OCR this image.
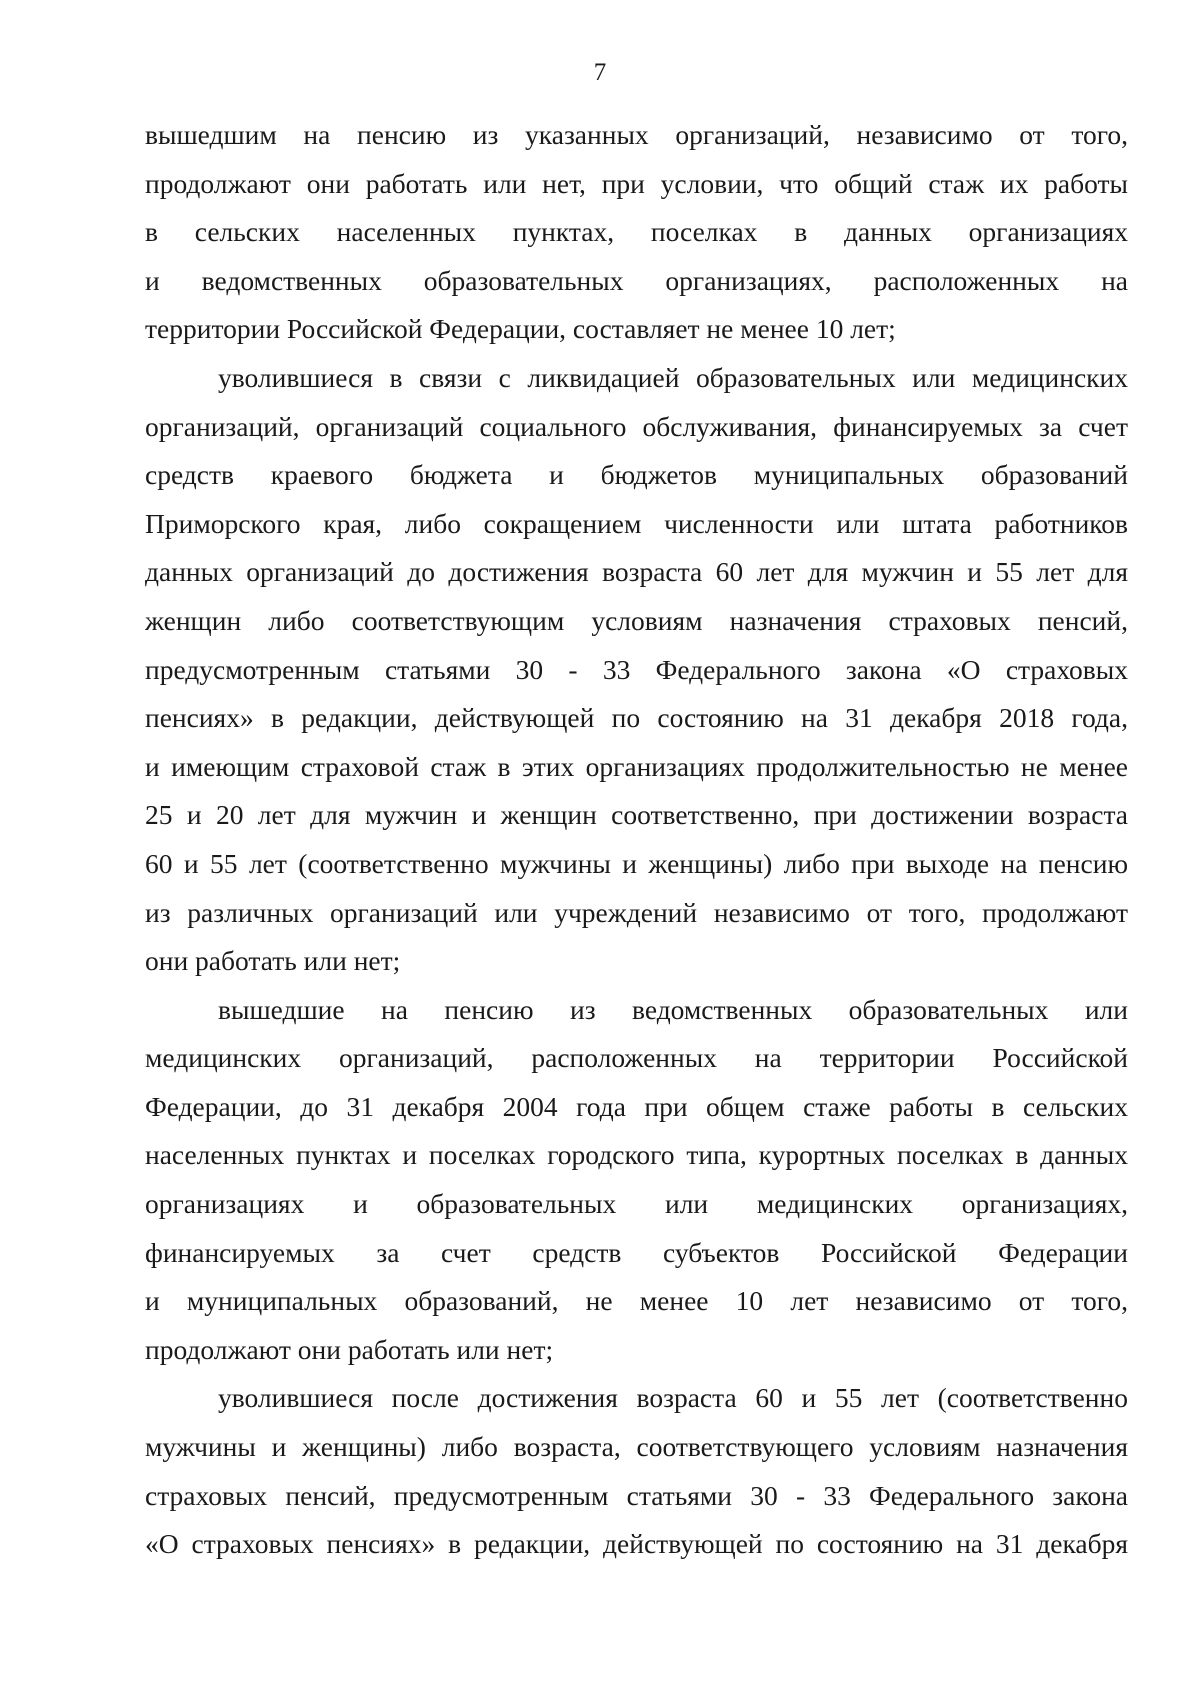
7
вышедшим на пенсию из указанных организаций, независимо от того,
продолжают они работать или нет, при условии, что общий стаж их работы
в сельских населенных пунктах, поселках в данных организациях
и ведомственных образовательных организациях, расположенных на
территории Российской Федерации, составляет не менее 10 лет;
уволившиеся в связи с ликвидацией образовательных или медицинских
организаций, организаций социального обслуживания, финансируемых за счет
средств краевого бюджета и бюджетов муниципальных образований
Приморского края, либо сокращением численности или штата работников
данных организаций до достижения возраста 60 лет для мужчин и 55 лет для
женщин либо соответствующим условиям назначения страховых пенсий,
предусмотренным статьями 30 - 33 Федерального закона «О страховых
пенсиях» в редакции, действующей по состоянию на 31 декабря 2018 года,
и имеющим страховой стаж в этих организациях продолжительностью не менее
25 и 20 лет для мужчин и женщин соответственно, при достижении возраста
60 и 55 лет (соответственно мужчины и женщины) либо при выходе на пенсию
из различных организаций или учреждений независимо от того, продолжают
они работать или нет;
вышедшие на пенсию из ведомственных образовательных или
медицинских организаций, расположенных на территории Российской
Федерации, до 31 декабря 2004 года при общем стаже работы в сельских
населенных пунктах и поселках городского типа, курортных поселках в данных
организациях и образовательных или медицинских организациях,
финансируемых за счет средств субъектов Российской Федерации
и муниципальных образований, не менее 10 лет независимо от того,
продолжают они работать или нет;
уволившиеся после достижения возраста 60 и 55 лет (соответственно
мужчины и женщины) либо возраста, соответствующего условиям назначения
страховых пенсий, предусмотренным статьями 30 - 33 Федерального закона
«О страховых пенсиях» в редакции, действующей по состоянию на 31 декабря
